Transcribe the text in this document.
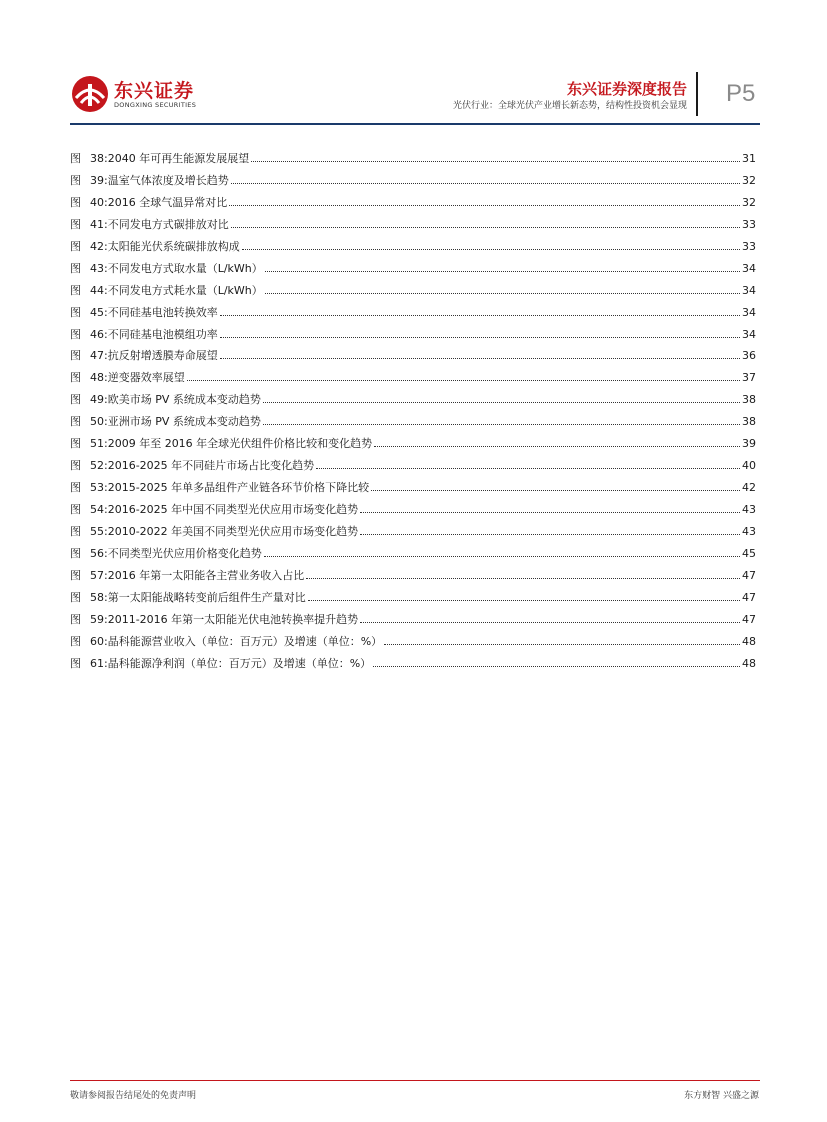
东兴证券
DONGXING SECURITIES
东兴证券深度报告
光伏行业：全球光伏产业增长新态势，结构性投资机会显现 P5
图 38:2040 年可再生能源发展展望	31
图 39:温室气体浓度及增长趋势	32
图 40:2016 全球气温异常对比	32
图 41:不同发电方式碳排放对比	33
图 42:太阳能光伏系统碳排放构成	33
图 43:不同发电方式取水量（L/kWh）	34
图 44:不同发电方式耗水量（L/kWh）	34
图 45:不同硅基电池转换效率	34
图 46:不同硅基电池模组功率	34
图 47:抗反射增透膜寿命展望	36
图 48:逆变器效率展望	37
图 49:欧美市场 PV 系统成本变动趋势	38
图 50:亚洲市场 PV 系统成本变动趋势	38
图 51:2009 年至 2016 年全球光伏组件价格比较和变化趋势	39
图 52:2016-2025 年不同硅片市场占比变化趋势	40
图 53:2015-2025 年单多晶组件产业链各环节价格下降比较	42
图 54:2016-2025 年中国不同类型光伏应用市场变化趋势	43
图 55:2010-2022 年美国不同类型光伏应用市场变化趋势	43
图 56:不同类型光伏应用价格变化趋势	45
图 57:2016 年第一太阳能各主营业务收入占比	47
图 58:第一太阳能战略转变前后组件生产量对比	47
图 59:2011-2016 年第一太阳能光伏电池转换率提升趋势	47
图 60:晶科能源营业收入（单位：百万元）及增速（单位：%）	48
图 61:晶科能源净利润（单位：百万元）及增速（单位：%）	48
敬请参阅报告结尾处的免责声明	东方财智 兴盛之源
